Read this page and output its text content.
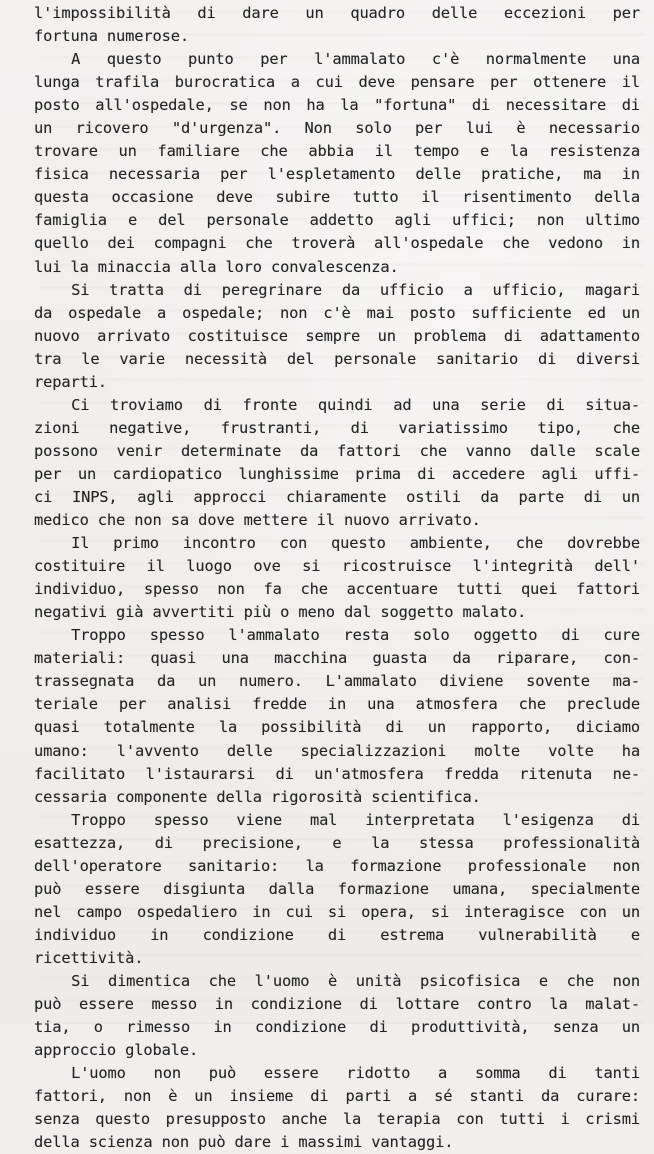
l'impossibilità di dare un quadro delle eccezioni per
fortuna numerose.
A questo punto per l'ammalato c'è normalmente una
lunga trafila burocratica a cui deve pensare per ottenere il
posto all'ospedale, se non ha la "fortuna" di necessitare di
un ricovero "d'urgenza". Non solo per lui è necessario
trovare un familiare che abbia il tempo e la resistenza
fisica necessaria per l'espletamento delle pratiche, ma in
questa occasione deve subire tutto il risentimento della
famiglia e del personale addetto agli uffici; non ultimo
quello dei compagni che troverà all'ospedale che vedono in
lui la minaccia alla loro convalescenza.
Si tratta di peregrinare da ufficio a ufficio, magari
da ospedale a ospedale; non c'è mai posto sufficiente ed un
nuovo arrivato costituisce sempre un problema di adattamento
tra le varie necessità del personale sanitario di diversi
reparti.
Ci troviamo di fronte quindi ad una serie di situa-
zioni negative, frustranti, di variatissimo tipo, che
possono venir determinate da fattori che vanno dalle scale
per un cardiopatico lunghissime prima di accedere agli uffi-
ci INPS, agli approcci chiaramente ostili da parte di un
medico che non sa dove mettere il nuovo arrivato.
Il primo incontro con questo ambiente, che dovrebbe
costituire il luogo ove si ricostruisce l'integrità dell'
individuo, spesso non fa che accentuare tutti quei fattori
negativi già avvertiti più o meno dal soggetto malato.
Troppo spesso l'ammalato resta solo oggetto di cure
materiali: quasi una macchina guasta da riparare, con-
trassegnata da un numero. L'ammalato diviene sovente ma-
teriale per analisi fredde in una atmosfera che preclude
quasi totalmente la possibilità di un rapporto, diciamo
umano: l'avvento delle specializzazioni molte volte ha
facilitato l'istaurarsi di un'atmosfera fredda ritenuta ne-
cessaria componente della rigorosità scientifica.
Troppo spesso viene mal interpretata l'esigenza di
esattezza, di precisione, e la stessa professionalità
dell'operatore sanitario: la formazione professionale non
può essere disgiunta dalla formazione umana, specialmente
nel campo ospedaliero in cui si opera, si interagisce con un
individuo in condizione di estrema vulnerabilità e
ricettività.
Si dimentica che l'uomo è unità psicofisica e che non
può essere messo in condizione di lottare contro la malat-
tia, o rimesso in condizione di produttività, senza un
approccio globale.
L'uomo non può essere ridotto a somma di tanti
fattori, non è un insieme di parti a sé stanti da curare:
senza questo presupposto anche la terapia con tutti i crismi
della scienza non può dare i massimi vantaggi.
